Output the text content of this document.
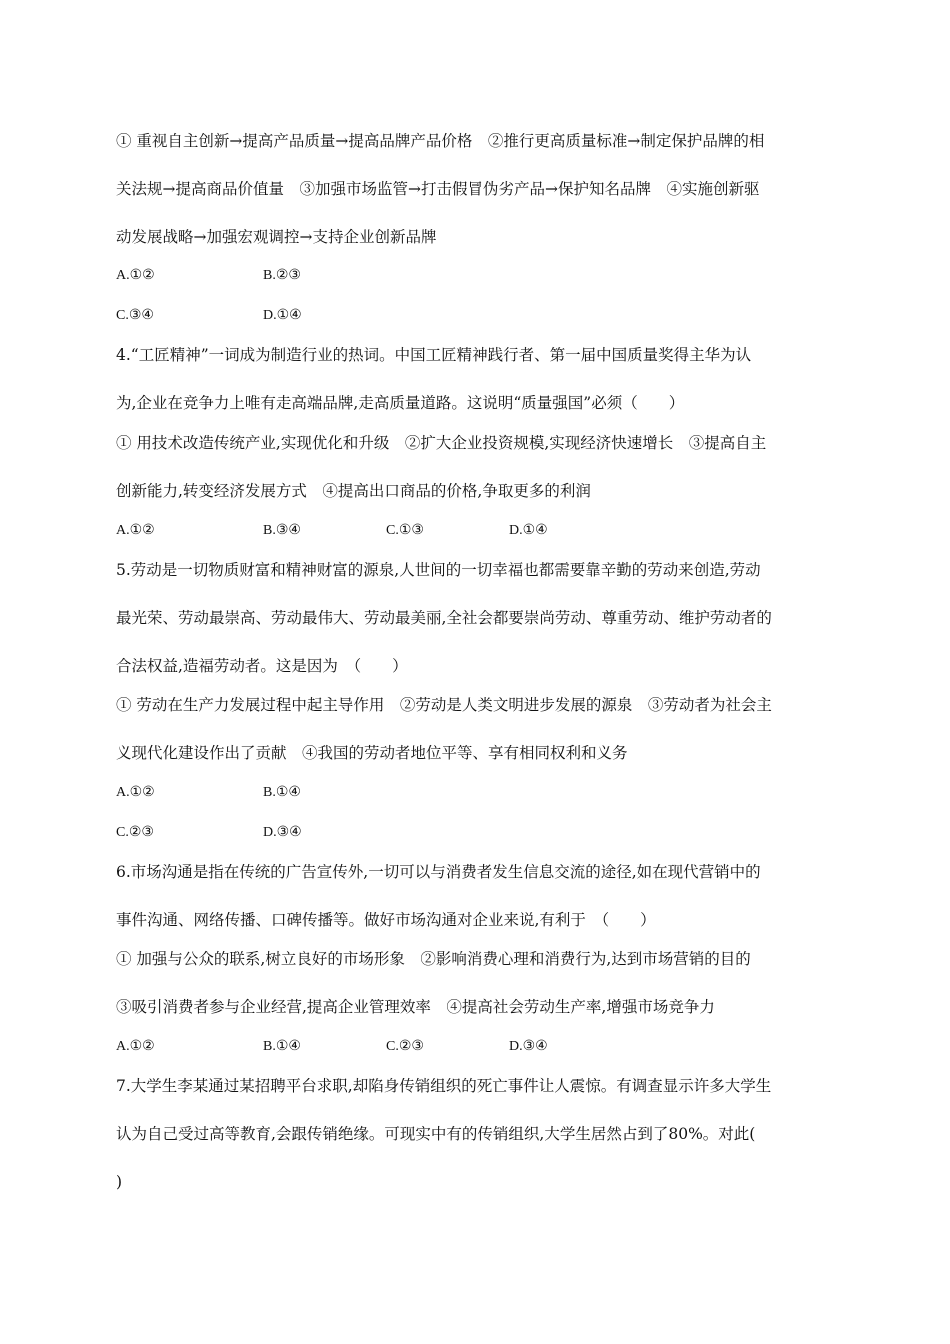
① 重视自主创新→提高产品质量→提高品牌产品价格　②推行更高质量标准→制定保护品牌的相
关法规→提高商品价值量　③加强市场监管→打击假冒伪劣产品→保护知名品牌　④实施创新驱
动发展战略→加强宏观调控→支持企业创新品牌
A.①②	B.②③
C.③④	D.①④
4.“工匠精神”一词成为制造行业的热词。中国工匠精神践行者、第一届中国质量奖得主华为认
为,企业在竞争力上唯有走高端品牌,走高质量道路。这说明“质量强国”必须（　　）
① 用技术改造传统产业,实现优化和升级　②扩大企业投资规模,实现经济快速增长　③提高自主
创新能力,转变经济发展方式　④提高出口商品的价格,争取更多的利润
A.①②	B.③④	C.①③	D.①④
5.劳动是一切物质财富和精神财富的源泉,人世间的一切幸福也都需要靠辛勤的劳动来创造,劳动
最光荣、劳动最崇高、劳动最伟大、劳动最美丽,全社会都要崇尚劳动、尊重劳动、维护劳动者的
合法权益,造福劳动者。这是因为　（　　）
① 劳动在生产力发展过程中起主导作用　②劳动是人类文明进步发展的源泉　③劳动者为社会主
义现代化建设作出了贡献　④我国的劳动者地位平等、享有相同权利和义务
A.①②	B.①④
C.②③	D.③④
6.市场沟通是指在传统的广告宣传外,一切可以与消费者发生信息交流的途径,如在现代营销中的
事件沟通、网络传播、口碑传播等。做好市场沟通对企业来说,有利于　（　　）
① 加强与公众的联系,树立良好的市场形象　②影响消费心理和消费行为,达到市场营销的目的
③吸引消费者参与企业经营,提高企业管理效率　④提高社会劳动生产率,增强市场竞争力
A.①②	B.①④	C.②③	D.③④
7.大学生李某通过某招聘平台求职,却陷身传销组织的死亡事件让人震惊。有调查显示许多大学生
认为自己受过高等教育,会跟传销绝缘。可现实中有的传销组织,大学生居然占到了80%。对此(
)
